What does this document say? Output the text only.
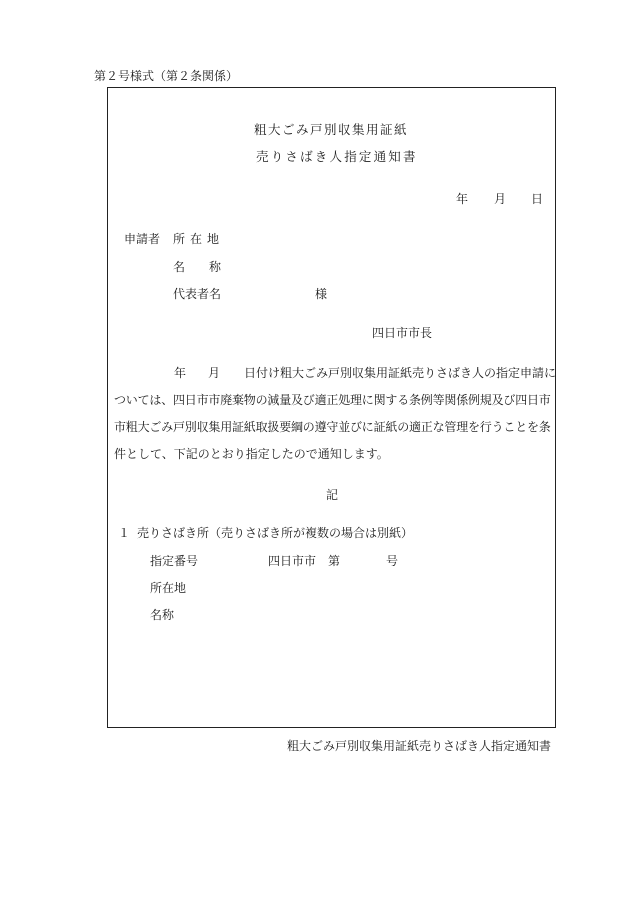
第２号様式（第２条関係）
粗大ごみ戸別収集用証紙
売りさばき人指定通知書
年 月 日
申請者 所在地
名 称
代表者名	様
四日市市長
年 月 日付け粗大ごみ戸別収集用証紙売りさばき人の指定申請に
ついては、四日市市廃棄物の減量及び適正処理に関する条例等関係例規及び四日市
市粗大ごみ戸別収集用証紙取扱要綱の遵守並びに証紙の適正な管理を行うことを条
件として、下記のとおり指定したので通知します。
記
１ 売りさばき所（売りさばき所が複数の場合は別紙）
指定番号	四日市市 第	号
所在地
名称
粗大ごみ戸別収集用証紙売りさばき人指定通知書
